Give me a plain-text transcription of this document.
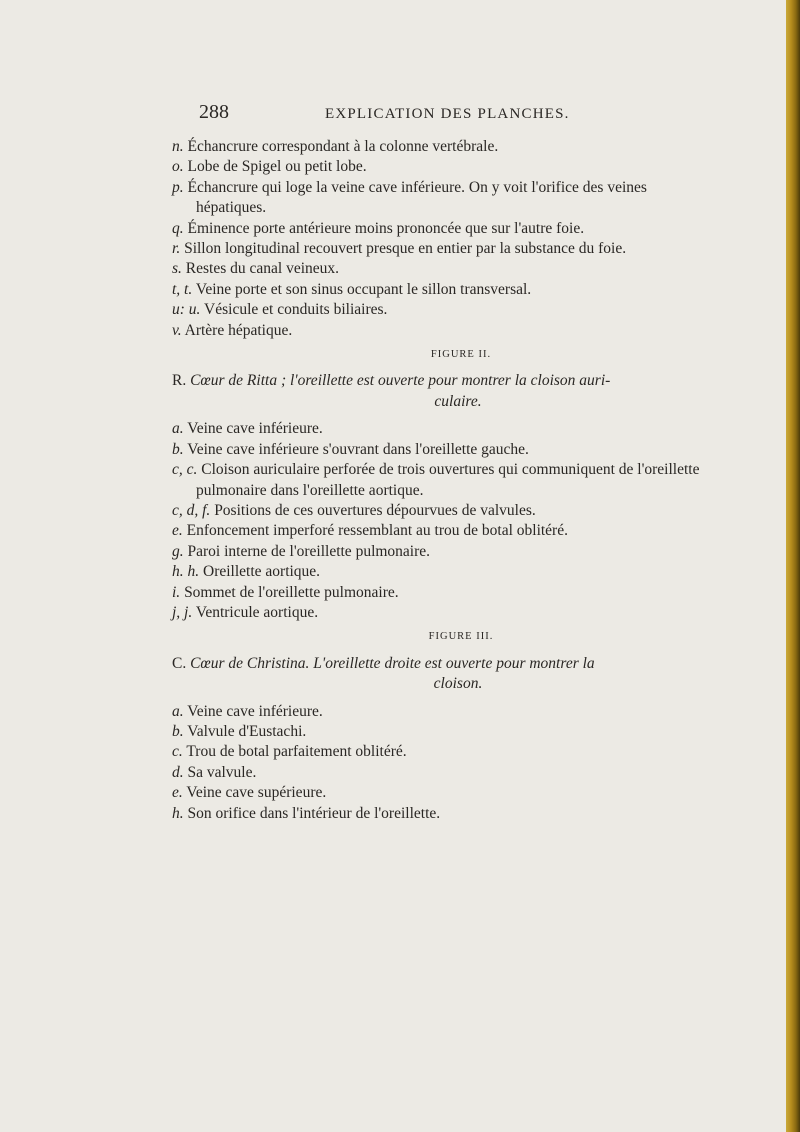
288	EXPLICATION DES PLANCHES.
n. Échancrure correspondant à la colonne vertébrale.
o. Lobe de Spigel ou petit lobe.
p. Échancrure qui loge la veine cave inférieure. On y voit l'orifice des veines hépatiques.
q. Éminence porte antérieure moins prononcée que sur l'autre foie.
r. Sillon longitudinal recouvert presque en entier par la substance du foie.
s. Restes du canal veineux.
t, t. Veine porte et son sinus occupant le sillon transversal.
u: u. Vésicule et conduits biliaires.
v. Artère hépatique.
FIGURE II.
R. Cœur de Ritta ; l'oreillette est ouverte pour montrer la cloison auri-
culaire.
a. Veine cave inférieure.
b. Veine cave inférieure s'ouvrant dans l'oreillette gauche.
c, c. Cloison auriculaire perforée de trois ouvertures qui communiquent de l'oreillette pulmonaire dans l'oreillette aortique.
c, d, f. Positions de ces ouvertures dépourvues de valvules.
e. Enfoncement imperforé ressemblant au trou de botal oblitéré.
g. Paroi interne de l'oreillette pulmonaire.
h. h. Oreillette aortique.
i. Sommet de l'oreillette pulmonaire.
j, j. Ventricule aortique.
FIGURE III.
C. Cœur de Christina. L'oreillette droite est ouverte pour montrer la
cloison.
a. Veine cave inférieure.
b. Valvule d'Eustachi.
c. Trou de botal parfaitement oblitéré.
d. Sa valvule.
e. Veine cave supérieure.
h. Son orifice dans l'intérieur de l'oreillette.
